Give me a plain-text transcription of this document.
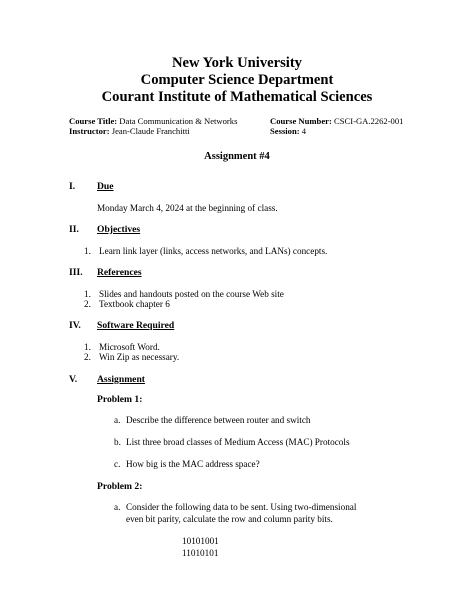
New York University
Computer Science Department
Courant Institute of Mathematical Sciences
Course Title: Data Communication & Networks
Instructor: Jean-Claude Franchitti
Course Number: CSCI-GA.2262-001
Session: 4
Assignment #4
I. Due
Monday March 4, 2024 at the beginning of class.
II. Objectives
1. Learn link layer (links, access networks, and LANs) concepts.
III. References
1. Slides and handouts posted on the course Web site
2. Textbook chapter 6
IV. Software Required
1. Microsoft Word.
2. Win Zip as necessary.
V. Assignment
Problem 1:
a. Describe the difference between router and switch
b. List three broad classes of Medium Access (MAC) Protocols
c. How big is the MAC address space?
Problem 2:
a. Consider the following data to be sent. Using two-dimensional
even bit parity, calculate the row and column parity bits.
10101001
11010101
